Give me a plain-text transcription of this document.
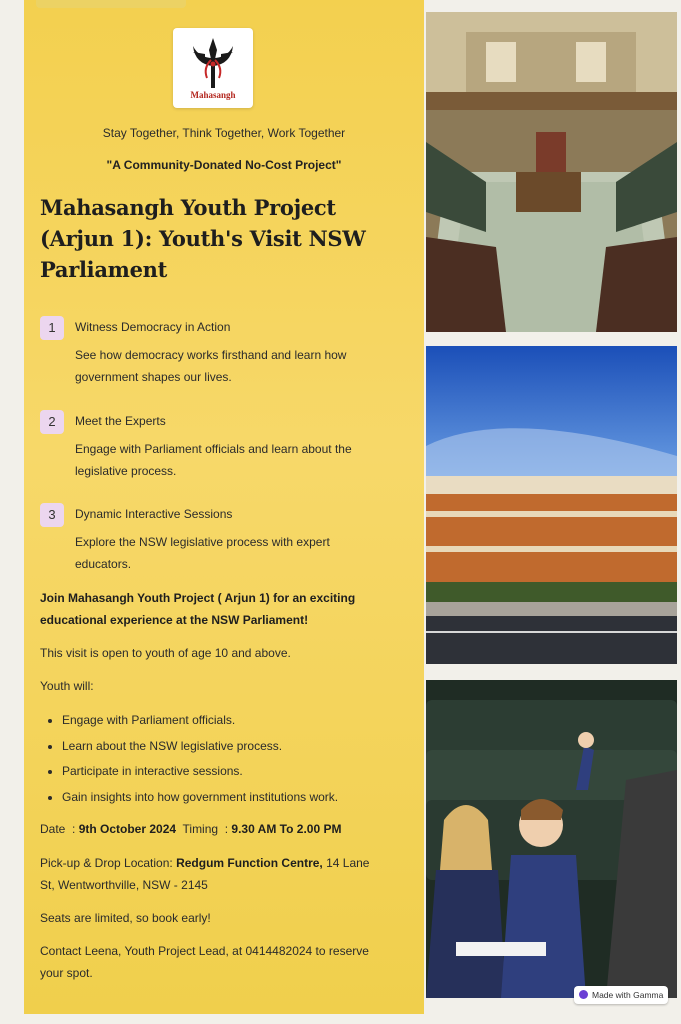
Mahasangh
Stay Together, Think Together, Work Together
"A Community-Donated No-Cost Project"
Mahasangh Youth Project (Arjun 1): Youth's Visit NSW Parliament
1	Witness Democracy in Action
See how democracy works firsthand and learn how government shapes our lives.
2	Meet the Experts
Engage with Parliament officials and learn about the legislative process.
3	Dynamic Interactive Sessions
Explore the NSW legislative process with expert educators.
Join Mahasangh Youth Project ( Arjun 1) for an exciting educational experience at the NSW Parliament!
This visit is open to youth of age 10 and above.
Youth will:
• Engage with Parliament officials.
• Learn about the NSW legislative process.
• Participate in interactive sessions.
• Gain insights into how government institutions work.
Date  : 9th October 2024  Timing  : 9.30 AM To 2.00 PM
Pick-up & Drop Location: Redgum Function Centre, 14 Lane St, Wentworthville, NSW - 2145
Seats are limited, so book early!
Contact Leena, Youth Project Lead, at 0414482024 to reserve your spot.
Made with Gamma
